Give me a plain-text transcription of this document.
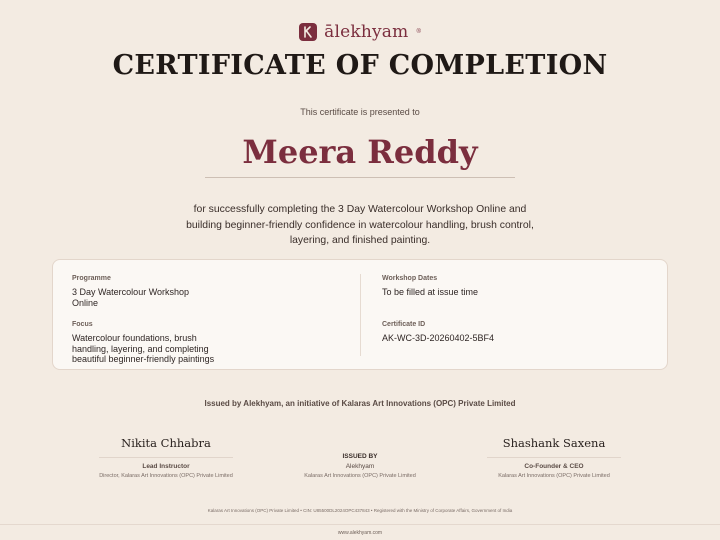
ālekhyam ®
CERTIFICATE OF COMPLETION
This certificate is presented to
Meera Reddy
for successfully completing the 3 Day Watercolour Workshop Online and building beginner-friendly confidence in watercolour handling, brush control, layering, and finished painting.
Programme
3 Day Watercolour Workshop Online
Focus
Watercolour foundations, brush handling, layering, and completing beautiful beginner-friendly paintings
Workshop Dates
To be filled at issue time
Certificate ID
AK-WC-3D-20260402-5BF4
Issued by Alekhyam, an initiative of Kalaras Art Innovations (OPC) Private Limited
Nikita Chhabra
Lead Instructor
Director, Kalaras Art Innovations (OPC) Private Limited
ISSUED BY
Alekhyam
Kalaras Art Innovations (OPC) Private Limited
Shashank Saxena
Co-Founder & CEO
Kalaras Art Innovations (OPC) Private Limited
Kalaras Art Innovations (OPC) Private Limited • CIN: U85500DL2024OPC437843 • Registered with the Ministry of Corporate Affairs, Government of India
www.alekhyam.com
